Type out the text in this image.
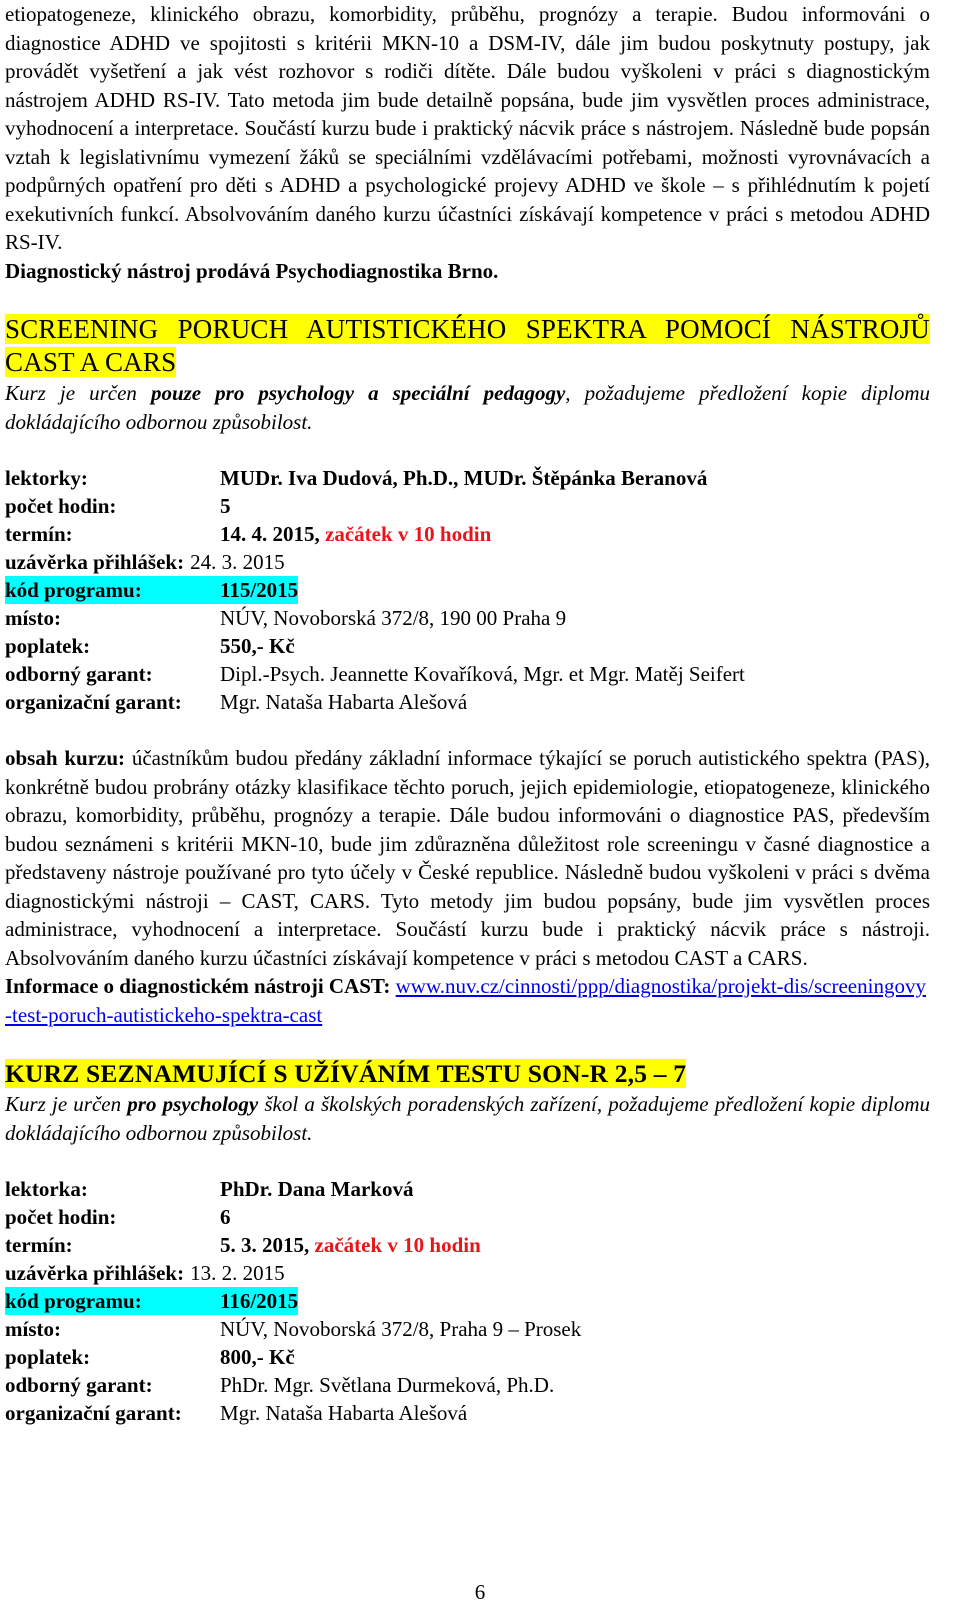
etiopatogeneze, klinického obrazu, komorbidity, průběhu, prognózy a terapie. Budou informováni o diagnostice ADHD ve spojitosti s kritérii MKN-10 a DSM-IV, dále jim budou poskytnuty postupy, jak provádět vyšetření a jak vést rozhovor s rodiči dítěte. Dále budou vyškoleni v práci s diagnostickým nástrojem ADHD RS-IV. Tato metoda jim bude detailně popsána, bude jim vysvětlen proces administrace, vyhodnocení a interpretace. Součástí kurzu bude i praktický nácvik práce s nástrojem. Následně bude popsán vztah k legislativnímu vymezení žáků se speciálními vzdělávacími potřebami, možnosti vyrovnávacích a podpůrných opatření pro děti s ADHD a psychologické projevy ADHD ve škole – s přihlédnutím k pojetí exekutivních funkcí. Absolvováním daného kurzu účastníci získávají kompetence v práci s metodou ADHD RS-IV.

Diagnostický nástroj prodává Psychodiagnostika Brno.

SCREENING PORUCH AUTISTICKÉHO SPEKTRA POMOCÍ NÁSTROJŮ CAST A CARS

Kurz je určen pouze pro psychology a speciální pedagogy, požadujeme předložení kopie diplomu dokládajícího odbornou způsobilost.

lektorky:	MUDr. Iva Dudová, Ph.D., MUDr. Štěpánka Beranová
počet hodin:	5
termín:	14. 4. 2015, začátek v 10 hodin
uzávěrka přihlášek: 24. 3. 2015
kód programu:	115/2015
místo:	NÚV, Novoborská 372/8, 190 00 Praha 9
poplatek:	550,- Kč
odborný garant:	Dipl.-Psych. Jeannette Kovaříková, Mgr. et Mgr. Matěj Seifert
organizační garant:	Mgr. Nataša Habarta Alešová

obsah kurzu: účastníkům budou předány základní informace týkající se poruch autistického spektra (PAS), konkrétně budou probrány otázky klasifikace těchto poruch, jejich epidemiologie, etiopatogeneze, klinického obrazu, komorbidity, průběhu, prognózy a terapie. Dále budou informováni o diagnostice PAS, především budou seznámeni s kritérii MKN-10, bude jim zdůrazněna důležitost role screeningu v časné diagnostice a představeny nástroje používané pro tyto účely v České republice. Následně budou vyškoleni v práci s dvěma diagnostickými nástroji – CAST, CARS. Tyto metody jim budou popsány, bude jim vysvětlen proces administrace, vyhodnocení a interpretace. Součástí kurzu bude i praktický nácvik práce s nástroji. Absolvováním daného kurzu účastníci získávají kompetence v práci s metodou CAST a CARS.

Informace o diagnostickém nástroji CAST: www.nuv.cz/cinnosti/ppp/diagnostika/projekt-dis/screeningovy-test-poruch-autistickeho-spektra-cast

KURZ SEZNAMUJÍCÍ S UŽÍVÁNÍM TESTU SON-R 2,5 – 7

Kurz je určen pro psychology škol a školských poradenských zařízení, požadujeme předložení kopie diplomu dokládajícího odbornou způsobilost.

lektorka:	PhDr. Dana Marková
počet hodin:	6
termín:	5. 3. 2015, začátek v 10 hodin
uzávěrka přihlášek: 13. 2. 2015
kód programu:	116/2015
místo:	NÚV, Novoborská 372/8, Praha 9 – Prosek
poplatek:	800,- Kč
odborný garant:	PhDr. Mgr. Světlana Durmeková, Ph.D.
organizační garant:	Mgr. Nataša Habarta Alešová
6
